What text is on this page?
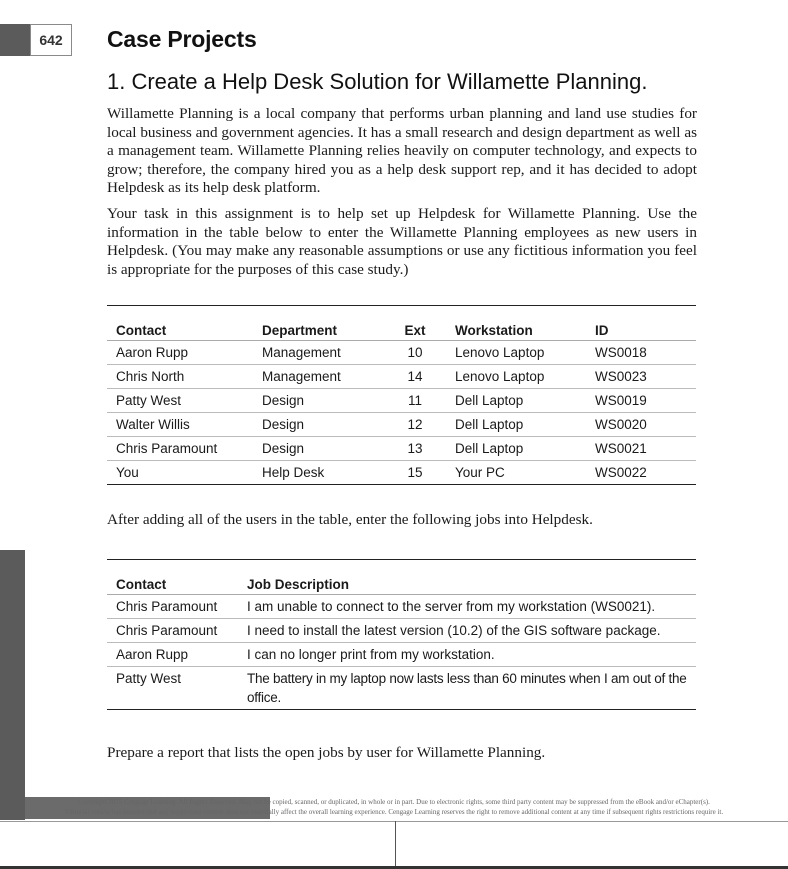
642	Case Projects
1. Create a Help Desk Solution for Willamette Planning.

Willamette Planning is a local company that performs urban planning and land use studies for local business and government agencies. It has a small research and design department as well as a management team. Willamette Planning relies heavily on computer technology, and expects to grow; therefore, the company hired you as a help desk support rep, and it has decided to adopt Helpdesk as its help desk platform.

Your task in this assignment is to help set up Helpdesk for Willamette Planning. Use the information in the table below to enter the Willamette Planning employees as new users in Helpdesk. (You may make any reasonable assumptions or use any fictitious information you feel is appropriate for the purposes of this case study.)

Contact	Department	Ext	Workstation	ID
Aaron Rupp	Management	10	Lenovo Laptop	WS0018
Chris North	Management	14	Lenovo Laptop	WS0023
Patty West	Design	11	Dell Laptop	WS0019
Walter Willis	Design	12	Dell Laptop	WS0020
Chris Paramount	Design	13	Dell Laptop	WS0021
You	Help Desk	15	Your PC	WS0022

After adding all of the users in the table, enter the following jobs into Helpdesk.

Contact	Job Description
Chris Paramount	I am unable to connect to the server from my workstation (WS0021).
Chris Paramount	I need to install the latest version (10.2) of the GIS software package.
Aaron Rupp	I can no longer print from my workstation.
Patty West	The battery in my laptop now lasts less than 60 minutes when I am out of the office.

Prepare a report that lists the open jobs by user for Willamette Planning.

Copyright 2015 Cengage Learning. All Rights Reserved. May not be copied, scanned, or duplicated, in whole or in part. Due to electronic rights, some third party content may be suppressed from the eBook and/or eChapter(s).
Editorial review has deemed that any suppressed content does not materially affect the overall learning experience. Cengage Learning reserves the right to remove additional content at any time if subsequent rights restrictions require it.
